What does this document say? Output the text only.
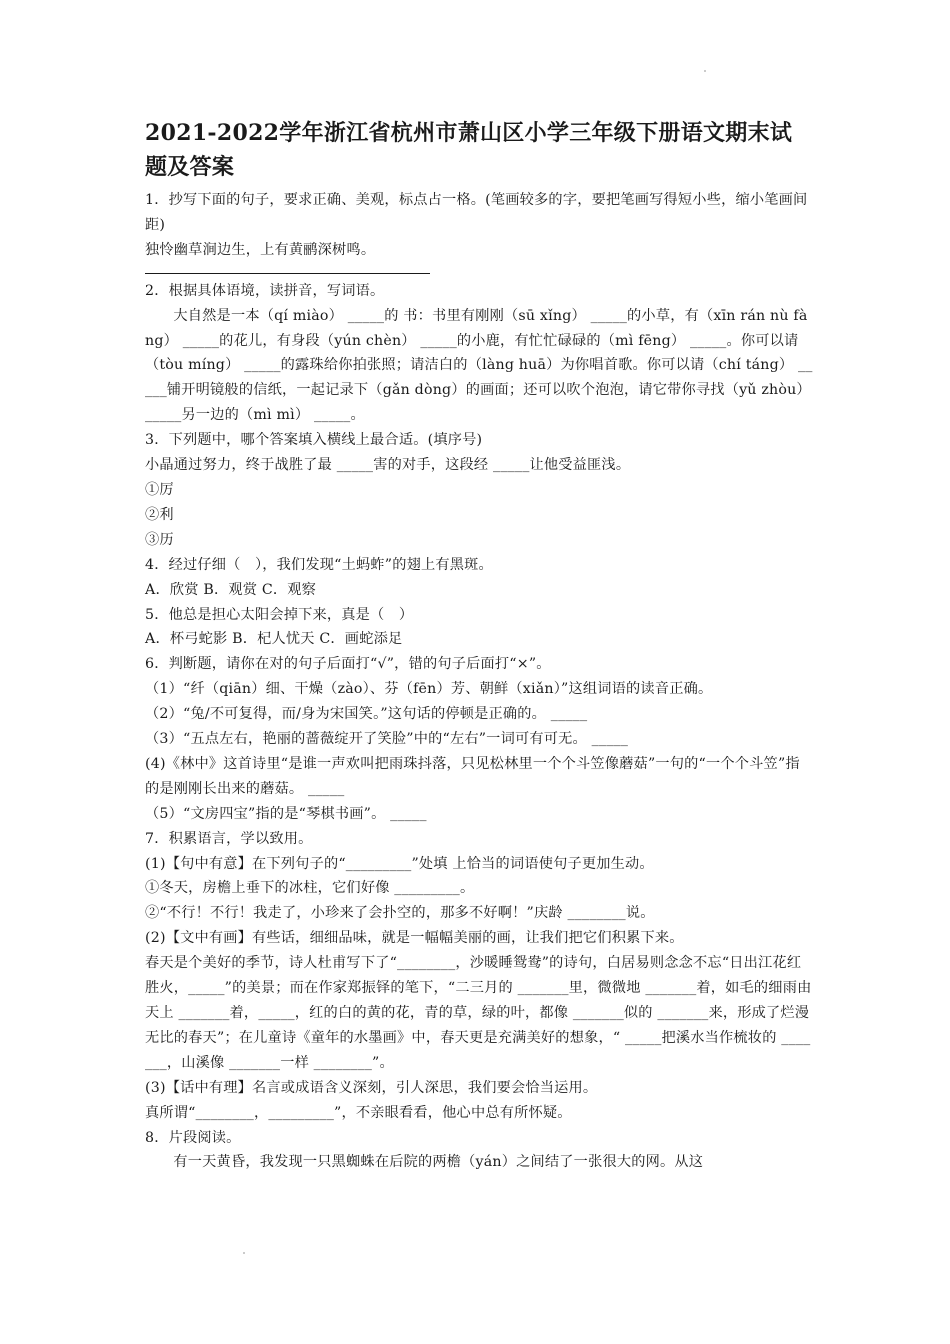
2021-2022学年浙江省杭州市萧山区小学三年级下册语文期末试题及答案

1．抄写下面的句子，要求正确、美观，标点占一格。(笔画较多的字，要把笔画写得短小些，缩小笔画间距)

独怜幽草涧边生，上有黄鹂深树鸣。

2．根据具体语境，读拼音，写词语。

大自然是一本（qí miào） _____的 书：书里有刚刚（sū xǐng） _____的小草，有（xīn rán nù fàng） _____的花儿，有身段（yún chèn） _____的小鹿，有忙忙碌碌的（mì fēng） _____。你可以请（tòu míng） _____的露珠给你拍张照；请洁白的（làng huā）为你唱首歌。你可以请（chí táng） _____铺开明镜般的信纸，一起记录下（gǎn dòng）的画面；还可以吹个泡泡，请它带你寻找（yǔ zhòu） _____另一边的（mì mì） _____。

3．下列题中，哪个答案填入横线上最合适。(填序号)

小晶通过努力，终于战胜了最 _____害的对手，这段经 _____让他受益匪浅。

①厉

②利

③历

4．经过仔细（　），我们发现“土蚂蚱”的翅上有黑斑。

A．欣赏 B．观赏 C．观察

5．他总是担心太阳会掉下来，真是（　）

A．杯弓蛇影 B．杞人忧天 C．画蛇添足

6．判断题，请你在对的句子后面打“√”，错的句子后面打“×”。

（1）“纤（qiān）细、干燥（zào）、芬（fēn）芳、朝鲜（xiǎn）”这组词语的读音正确。

（2）“兔/不可复得，而/身为宋国笑。”这句话的停顿是正确的。 _____

（3）“五点左右，艳丽的蔷薇绽开了笑脸”中的“左右”一词可有可无。 _____

(4)《林中》这首诗里“是谁一声欢叫把雨珠抖落，只见松林里一个个斗笠像蘑菇”一句的“一个个斗笠”指的是刚刚长出来的蘑菇。 _____

（5）“文房四宝”指的是“琴棋书画”。 _____

7．积累语言，学以致用。

(1)【句中有意】在下列句子的“_________”处填 上恰当的词语使句子更加生动。

①冬天，房檐上垂下的冰柱，它们好像 _________。

②“不行！不行！我走了，小珍来了会扑空的，那多不好啊！”庆龄 ________说。

(2)【文中有画】有些话，细细品味，就是一幅幅美丽的画，让我们把它们积累下来。

春天是个美好的季节，诗人杜甫写下了“________，沙暖睡鸳鸯”的诗句，白居易则念念不忘“日出江花红胜火，_____”的美景；而在作家郑振铎的笔下，“二三月的 _______里，微微地 _______着，如毛的细雨由天上 _______着，_____，红的白的黄的花，青的草，绿的叶，都像 _______似的 _______来，形成了烂漫无比的春天”；在儿童诗《童年的水墨画》中，春天更是充满美好的想象，“ _____把溪水当作梳妆的 _______，山溪像 _______一样 ________”。

(3)【话中有理】名言或成语含义深刻，引人深思，我们要会恰当运用。

真所谓“________，_________”，不亲眼看看，他心中总有所怀疑。

8．片段阅读。

有一天黄昏，我发现一只黑蜘蛛在后院的两檐（yán）之间结了一张很大的网。从这
